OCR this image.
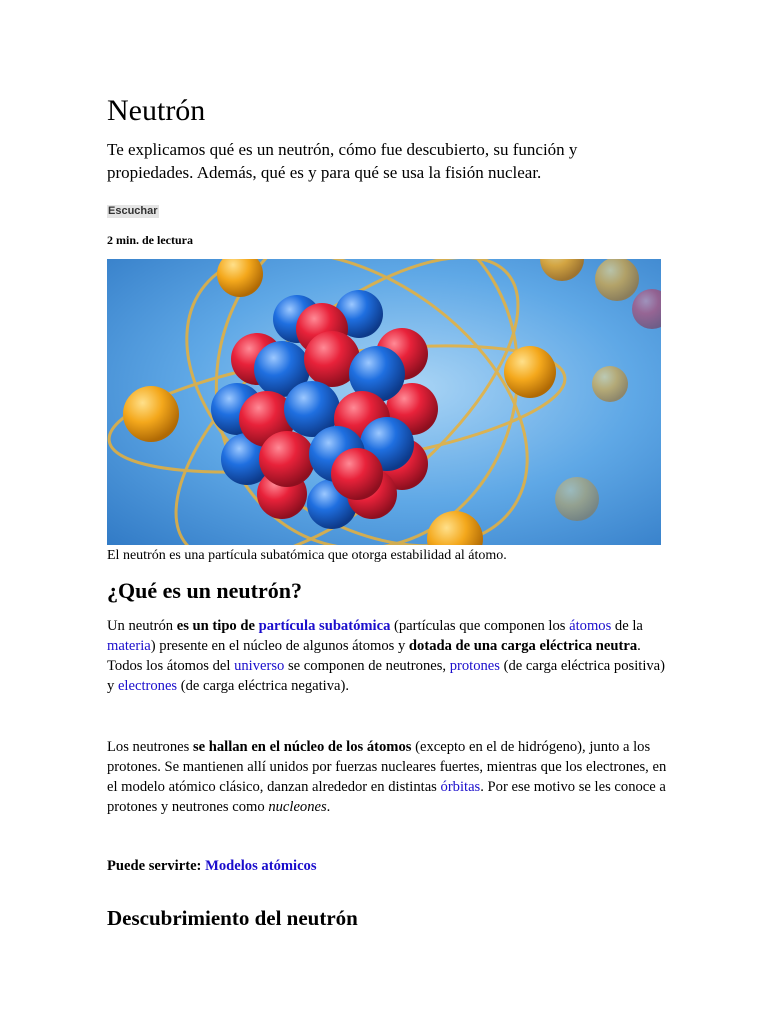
Neutrón

Te explicamos qué es un neutrón, cómo fue descubierto, su función y propiedades. Además, qué es y para qué se usa la fisión nuclear.

Escuchar
2 min. de lectura
El neutrón es una partícula subatómica que otorga estabilidad al átomo.
¿Qué es un neutrón?

Un neutrón es un tipo de partícula subatómica (partículas que componen los átomos de la materia) presente en el núcleo de algunos átomos y dotada de una carga eléctrica neutra. Todos los átomos del universo se componen de neutrones, protones (de carga eléctrica positiva) y electrones (de carga eléctrica negativa).

Los neutrones se hallan en el núcleo de los átomos (excepto en el de hidrógeno), junto a los protones. Se mantienen allí unidos por fuerzas nucleares fuertes, mientras que los electrones, en el modelo atómico clásico, danzan alrededor en distintas órbitas. Por ese motivo se les conoce a protones y neutrones como nucleones.

Puede servirte: Modelos atómicos
Descubrimiento del neutrón
